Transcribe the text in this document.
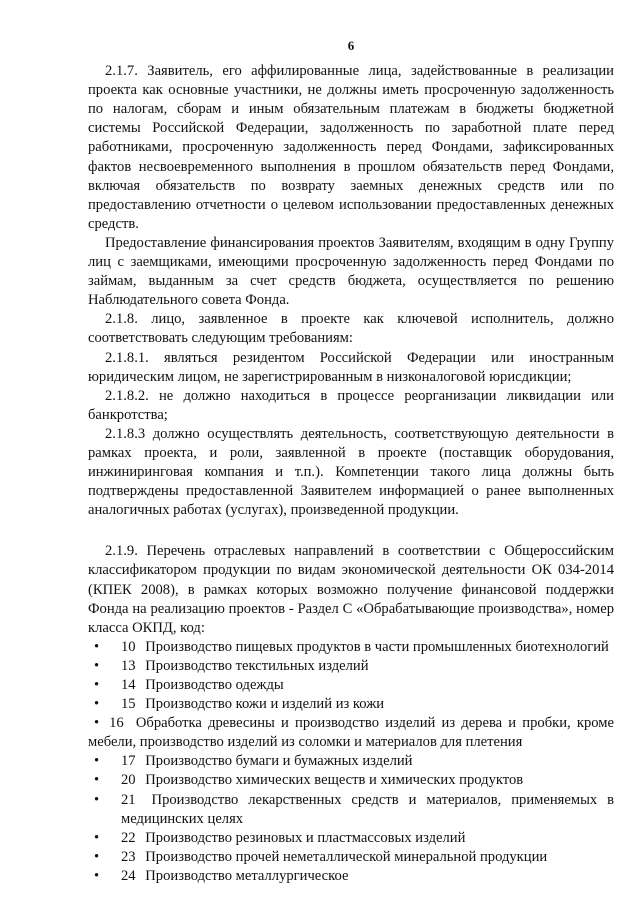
6

2.1.7. Заявитель, его аффилированные лица, задействованные в реализации проекта как основные участники, не должны иметь просроченную задолженность по налогам, сборам и иным обязательным платежам в бюджеты бюджетной системы Российской Федерации, задолженность по заработной плате перед работниками, просроченную задолженность перед Фондами, зафиксированных фактов несвоевременного выполнения в прошлом обязательств перед Фондами, включая обязательств по возврату заемных денежных средств или по предоставлению отчетности о целевом использовании предоставленных денежных средств.

Предоставление финансирования проектов Заявителям, входящим в одну Группу лиц с заемщиками, имеющими просроченную задолженность перед Фондами по займам, выданным за счет средств бюджета, осуществляется по решению Наблюдательного совета Фонда.

2.1.8. лицо, заявленное в проекте как ключевой исполнитель, должно соответствовать следующим требованиям:

2.1.8.1. являться резидентом Российской Федерации или иностранным юридическим лицом, не зарегистрированным в низконалоговой юрисдикции;

2.1.8.2. не должно находиться в процессе реорганизации ликвидации или банкротства;

2.1.8.3 должно осуществлять деятельность, соответствующую деятельности в рамках проекта, и роли, заявленной в проекте (поставщик оборудования, инжиниринговая компания и т.п.). Компетенции такого лица должны быть подтверждены предоставленной Заявителем информацией о ранее выполненных аналогичных работах (услугах), произведенной продукции.

2.1.9. Перечень отраслевых направлений в соответствии с Общероссийским классификатором продукции по видам экономической деятельности ОК 034-2014 (КПЕК 2008), в рамках которых возможно получение финансовой поддержки Фонда на реализацию проектов - Раздел С «Обрабатывающие производства», номер класса ОКПД, код:

• 10 Производство пищевых продуктов в части промышленных биотехнологий
• 13 Производство текстильных изделий
• 14 Производство одежды
• 15 Производство кожи и изделий из кожи
• 16 Обработка древесины и производство изделий из дерева и пробки, кроме мебели, производство изделий из соломки и материалов для плетения
• 17 Производство бумаги и бумажных изделий
• 20 Производство химических веществ и химических продуктов
• 21 Производство лекарственных средств и материалов, применяемых в медицинских целях
• 22 Производство резиновых и пластмассовых изделий
• 23 Производство прочей неметаллической минеральной продукции
• 24 Производство металлургическое
